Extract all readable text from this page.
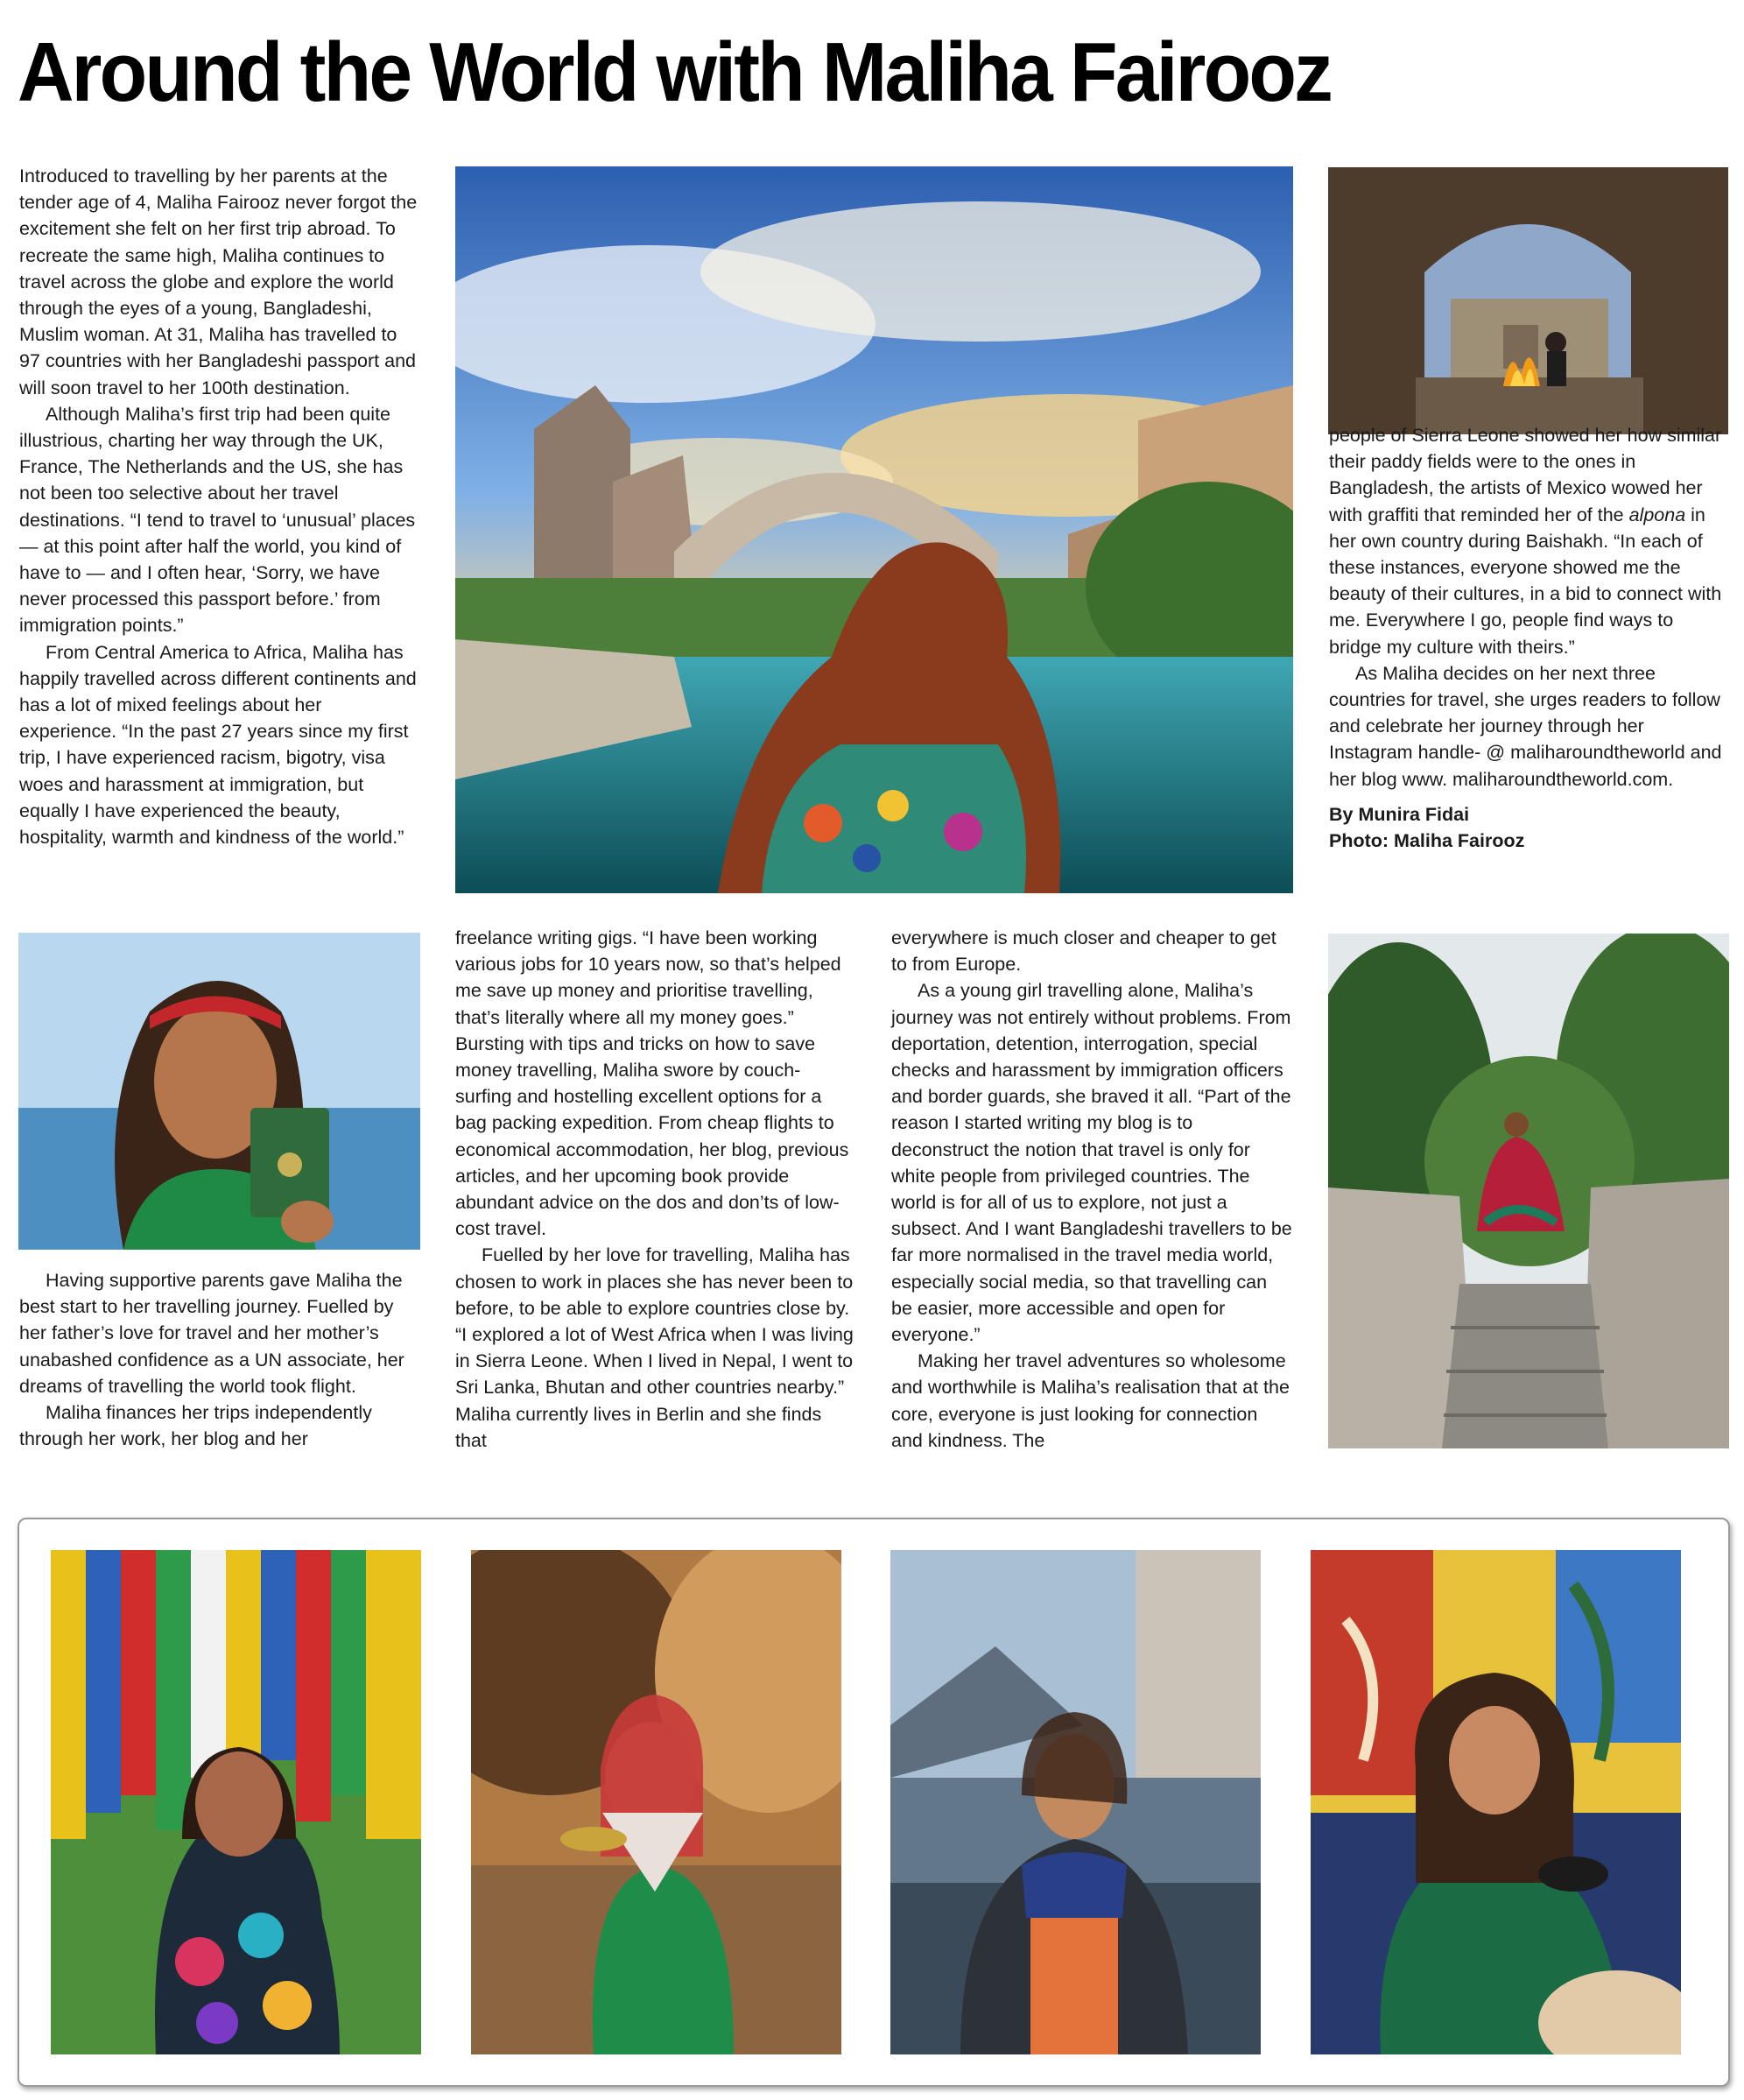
Around the World with Maliha Fairooz

Introduced to travelling by her parents at the tender age of 4, Maliha Fairooz never forgot the excitement she felt on her first trip abroad. To recreate the same high, Maliha continues to travel across the globe and explore the world through the eyes of a young, Bangladeshi, Muslim woman. At 31, Maliha has travelled to 97 countries with her Bangladeshi passport and will soon travel to her 100th destination.

Although Maliha’s first trip had been quite illustrious, charting her way through the UK, France, The Netherlands and the US, she has not been too selective about her travel destinations. “I tend to travel to ‘unusual’ places — at this point after half the world, you kind of have to — and I often hear, ‘Sorry, we have never processed this passport before.’ from immigration points.”

From Central America to Africa, Maliha has happily travelled across different continents and has a lot of mixed feelings about her experience. “In the past 27 years since my first trip, I have experienced racism, bigotry, visa woes and harassment at immigration, but equally I have experienced the beauty, hospitality, warmth and kindness of the world.”

people of Sierra Leone showed her how similar their paddy fields were to the ones in Bangladesh, the artists of Mexico wowed her with graffiti that reminded her of the alpona in her own country during Baishakh. “In each of these instances, everyone showed me the beauty of their cultures, in a bid to connect with me. Everywhere I go, people find ways to bridge my culture with theirs.”

As Maliha decides on her next three countries for travel, she urges readers to follow and celebrate her journey through her Instagram handle- @ maliharoundtheworld and her blog www. maliharoundtheworld.com.

By Munira Fidai

Photo: Maliha Fairooz

Having supportive parents gave Maliha the best start to her travelling journey. Fuelled by her father’s love for travel and her mother’s unabashed confidence as a UN associate, her dreams of travelling the world took flight.

Maliha finances her trips independently through her work, her blog and her

freelance writing gigs. “I have been working various jobs for 10 years now, so that’s helped me save up money and prioritise travelling, that’s literally where all my money goes.” Bursting with tips and tricks on how to save money travelling, Maliha swore by couch-surfing and hostelling excellent options for a bag packing expedition. From cheap flights to economical accommodation, her blog, previous articles, and her upcoming book provide abundant advice on the dos and don’ts of low-cost travel.

Fuelled by her love for travelling, Maliha has chosen to work in places she has never been to before, to be able to explore countries close by. “I explored a lot of West Africa when I was living in Sierra Leone. When I lived in Nepal, I went to Sri Lanka, Bhutan and other countries nearby.” Maliha currently lives in Berlin and she finds that

everywhere is much closer and cheaper to get to from Europe.

As a young girl travelling alone, Maliha’s journey was not entirely without problems. From deportation, detention, interrogation, special checks and harassment by immigration officers and border guards, she braved it all. “Part of the reason I started writing my blog is to deconstruct the notion that travel is only for white people from privileged countries. The world is for all of us to explore, not just a subsect. And I want Bangladeshi travellers to be far more normalised in the travel media world, especially social media, so that travelling can be easier, more accessible and open for everyone.”

Making her travel adventures so wholesome and worthwhile is Maliha’s realisation that at the core, everyone is just looking for connection and kindness. The
